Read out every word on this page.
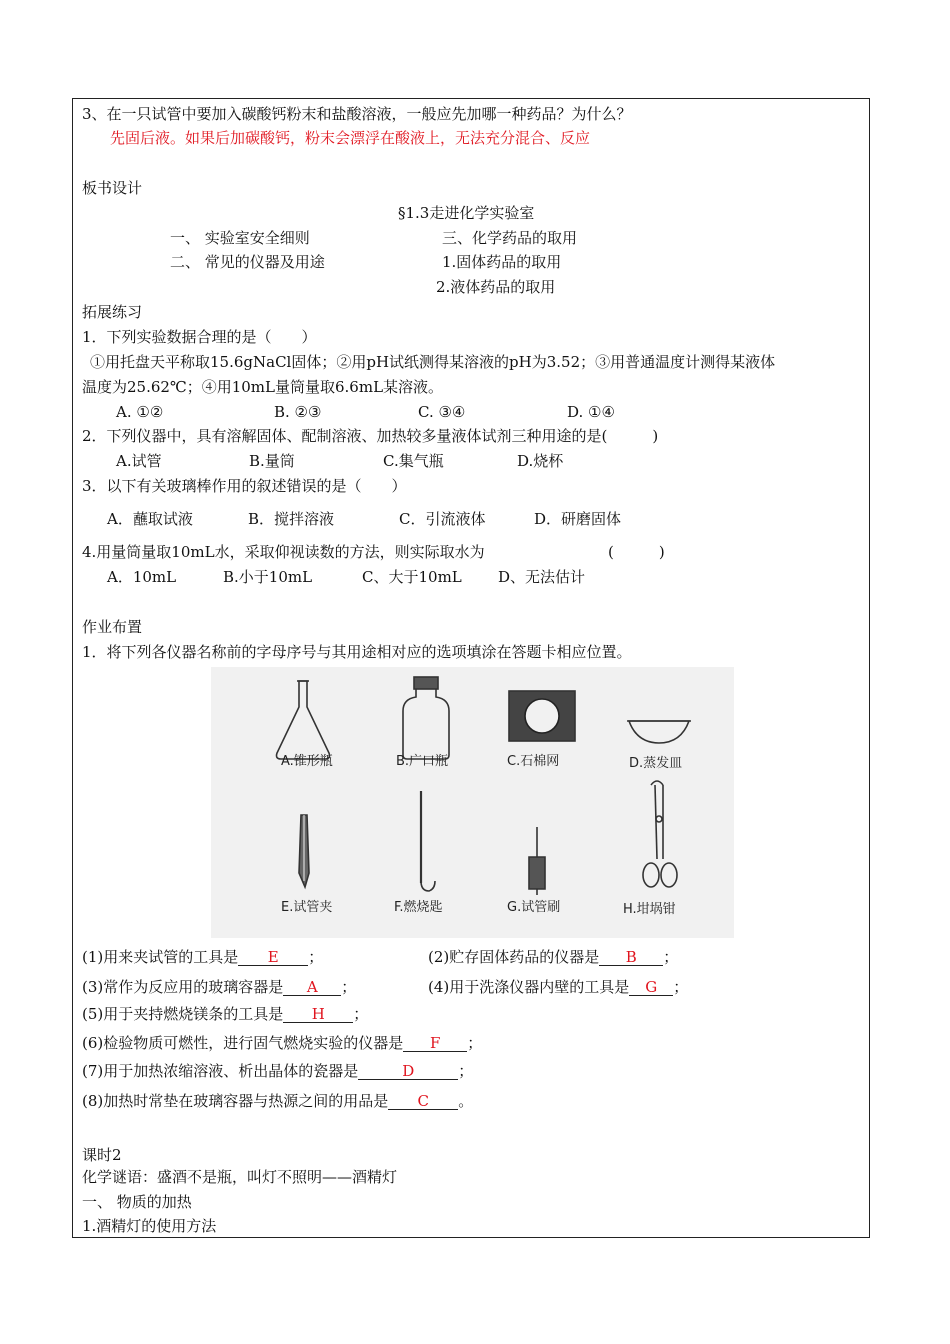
3、在一只试管中要加入碳酸钙粉末和盐酸溶液，一般应先加哪一种药品？为什么？
先固后液。如果后加碳酸钙，粉末会漂浮在酸液上，无法充分混合、反应
板书设计
§1.3走进化学实验室
一、 实验室安全细则
二、 常见的仪器及用途
三、化学药品的取用
1.固体药品的取用
2.液体药品的取用
拓展练习
1．下列实验数据合理的是（　　）
①用托盘天平称取15.6gNaCl固体；②用pH试纸测得某溶液的pH为3.52；③用普通温度计测得某液体
温度为25.62℃；④用10mL量筒量取6.6mL某溶液。
A. ①②	B. ②③	C. ③④	D. ①④
2．下列仪器中，具有溶解固体、配制溶液、加热较多量液体试剂三种用途的是(　　　)
A.试管	B.量筒	C.集气瓶	D.烧杯
3．以下有关玻璃棒作用的叙述错误的是（　　）
A．蘸取试液	B．搅拌溶液	C．引流液体	D．研磨固体
4.用量筒量取10mL水，采取仰视读数的方法，则实际取水为	(　　　)
A．10mL	B.小于10mL	C、大于10mL D、无法估计
作业布置
1．将下列各仪器名称前的字母序号与其用途相对应的选项填涂在答题卡相应位置。
A.锥形瓶	B.广口瓶	C.石棉网	D.蒸发皿
E.试管夹	F.燃烧匙	G.试管刷	H.坩埚钳
(1)用来夹试管的工具是 E ；	(2)贮存固体药品的仪器是 B ；
(3)常作为反应用的玻璃容器是 A ；	(4)用于洗涤仪器内壁的工具是 G ；
(5)用于夹持燃烧镁条的工具是 H ；
(6)检验物质可燃性，进行固气燃烧实验的仪器是 F ；
(7)用于加热浓缩溶液、析出晶体的瓷器是	D	；
(8)加热时常垫在玻璃容器与热源之间的用品是 C 。
课时2
化学谜语：盛酒不是瓶，叫灯不照明——酒精灯
一、 物质的加热
1.酒精灯的使用方法
